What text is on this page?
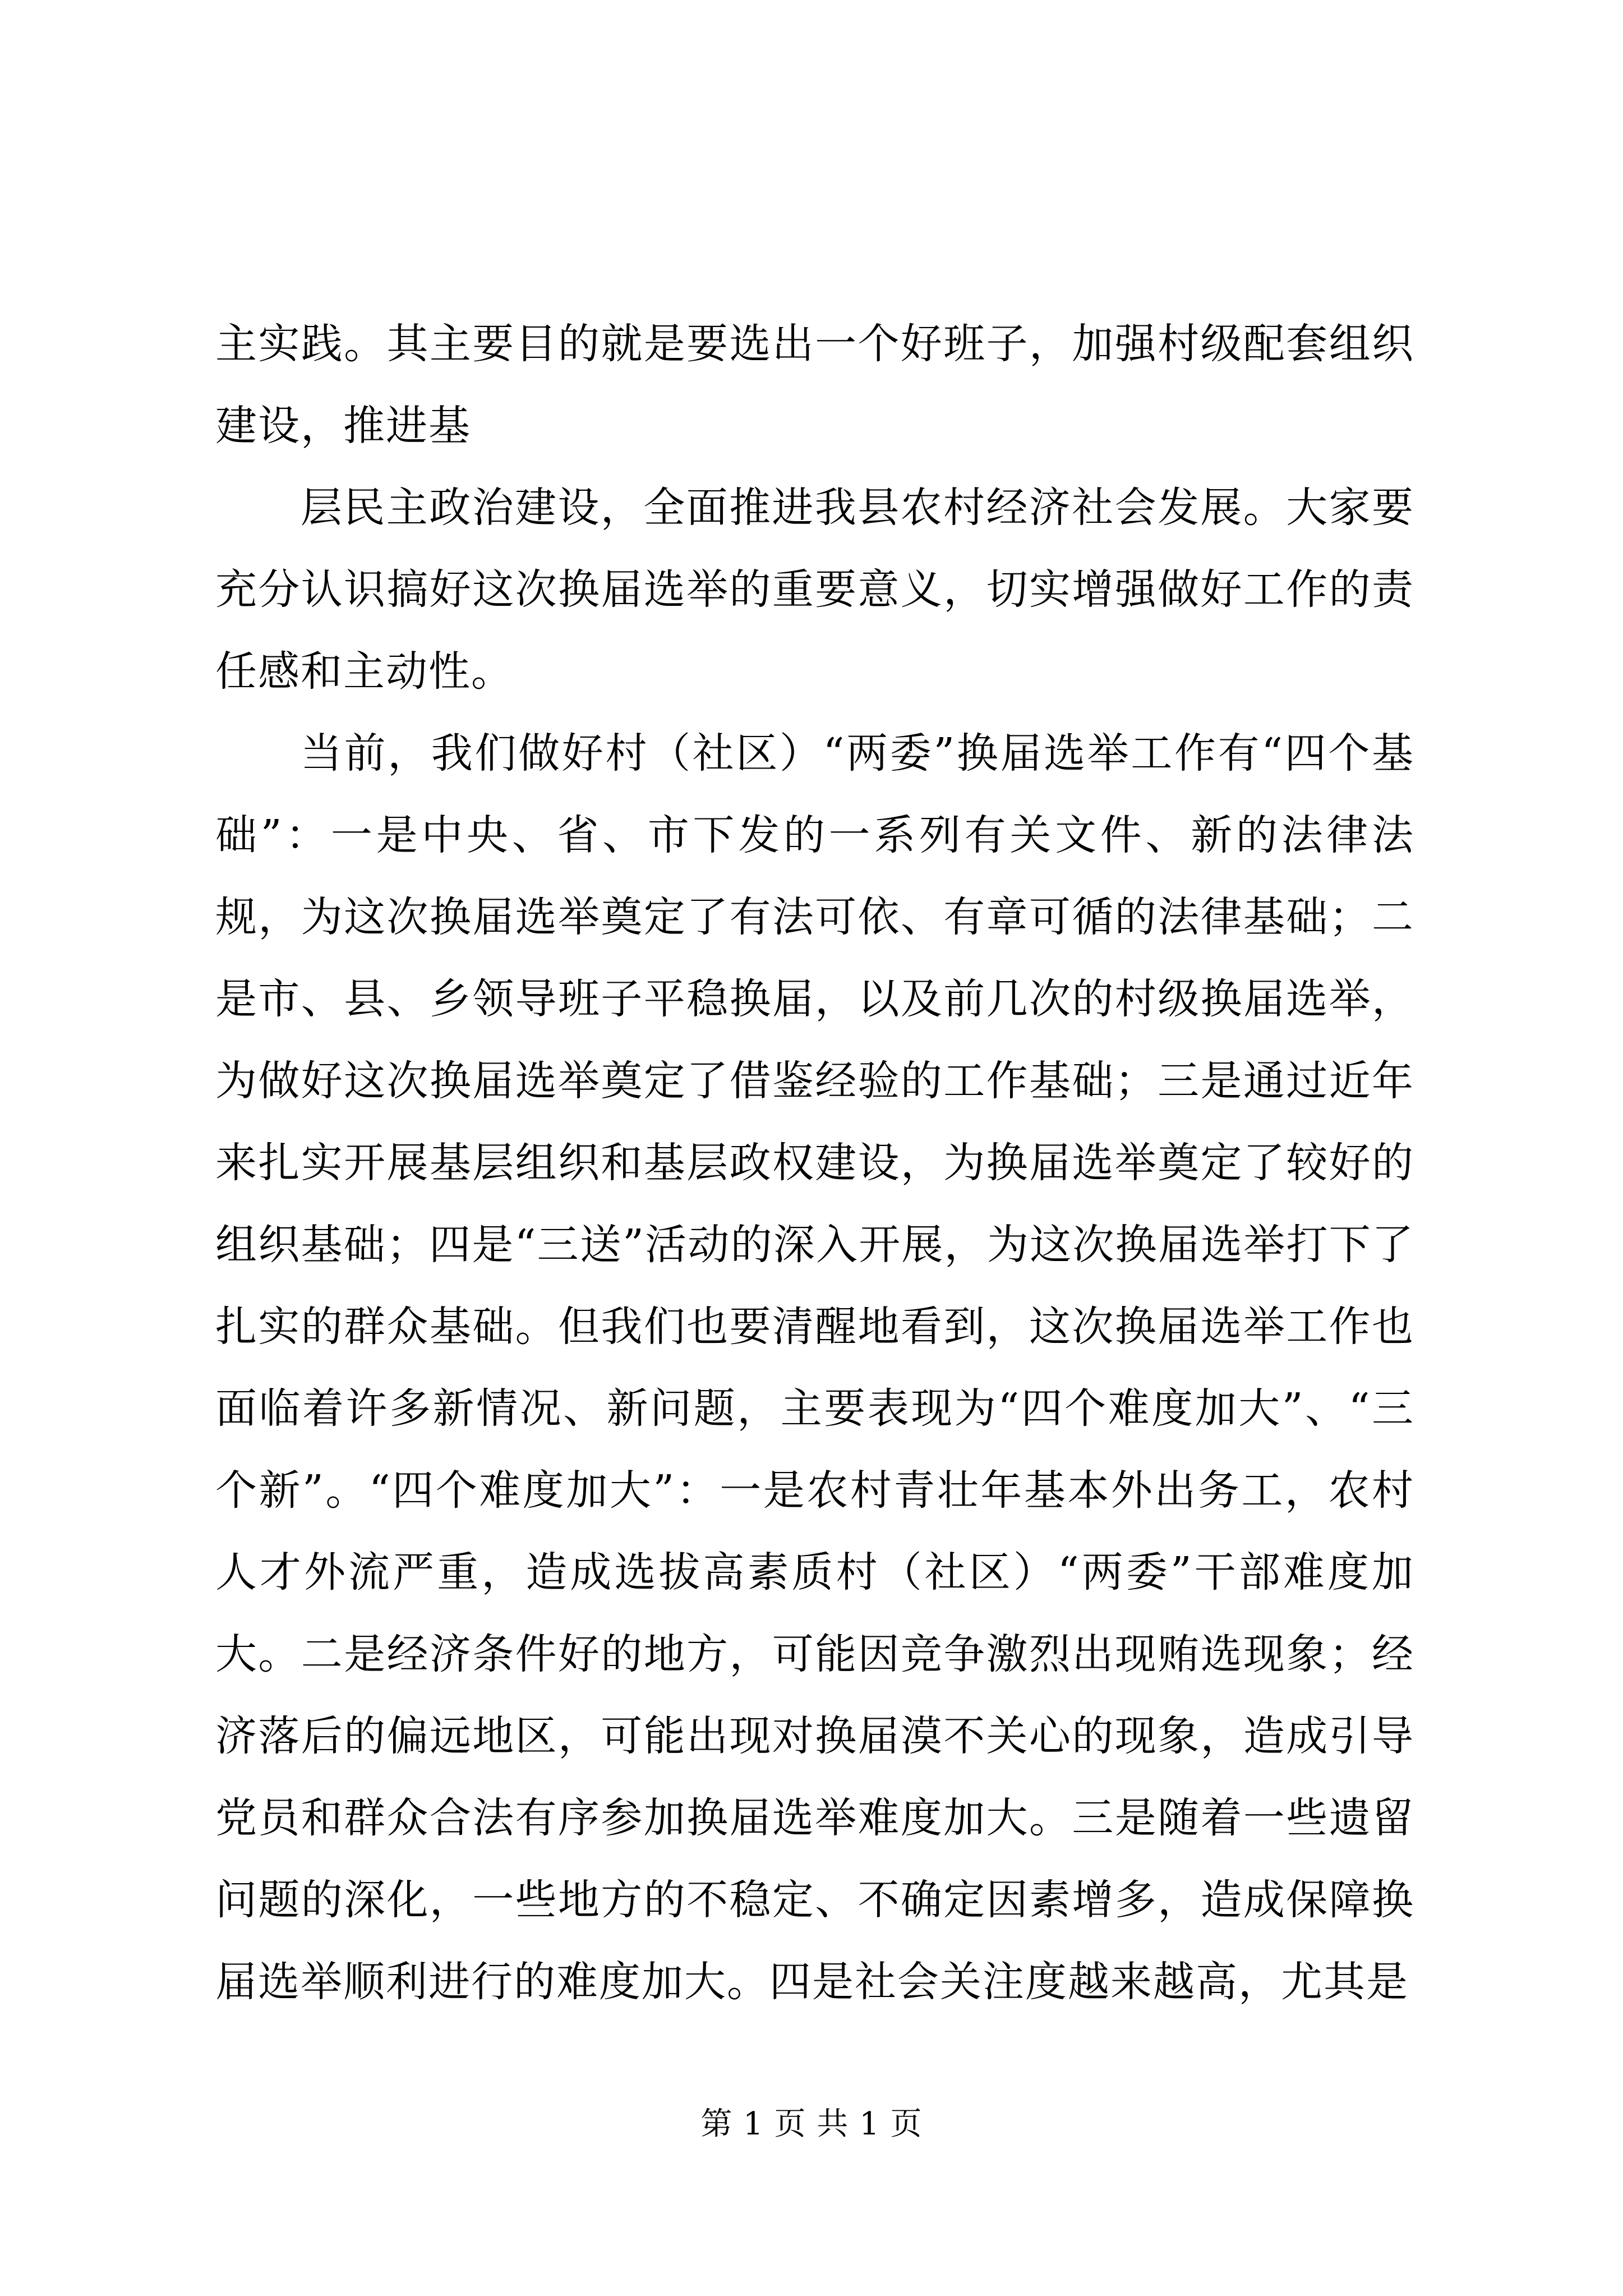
主实践。其主要目的就是要选出一个好班子，加强村级配套组织建设，推进基

层民主政治建设，全面推进我县农村经济社会发展。大家要充分认识搞好这次换届选举的重要意义，切实增强做好工作的责任感和主动性。

当前，我们做好村（社区）“两委”换届选举工作有“四个基础”：一是中央、省、市下发的一系列有关文件、新的法律法规，为这次换届选举奠定了有法可依、有章可循的法律基础；二是市、县、乡领导班子平稳换届，以及前几次的村级换届选举，为做好这次换届选举奠定了借鉴经验的工作基础；三是通过近年来扎实开展基层组织和基层政权建设，为换届选举奠定了较好的组织基础；四是“三送”活动的深入开展，为这次换届选举打下了扎实的群众基础。但我们也要清醒地看到，这次换届选举工作也面临着许多新情况、新问题，主要表现为“四个难度加大”、“三个新”。“四个难度加大”：一是农村青壮年基本外出务工，农村人才外流严重，造成选拔高素质村（社区）“两委”干部难度加大。二是经济条件好的地方，可能因竞争激烈出现贿选现象；经济落后的偏远地区，可能出现对换届漠不关心的现象，造成引导党员和群众合法有序参加换届选举难度加大。三是随着一些遗留问题的深化，一些地方的不稳定、不确定因素增多，造成保障换届选举顺利进行的难度加大。四是社会关注度越来越高，尤其是

第 1 页 共 1 页
